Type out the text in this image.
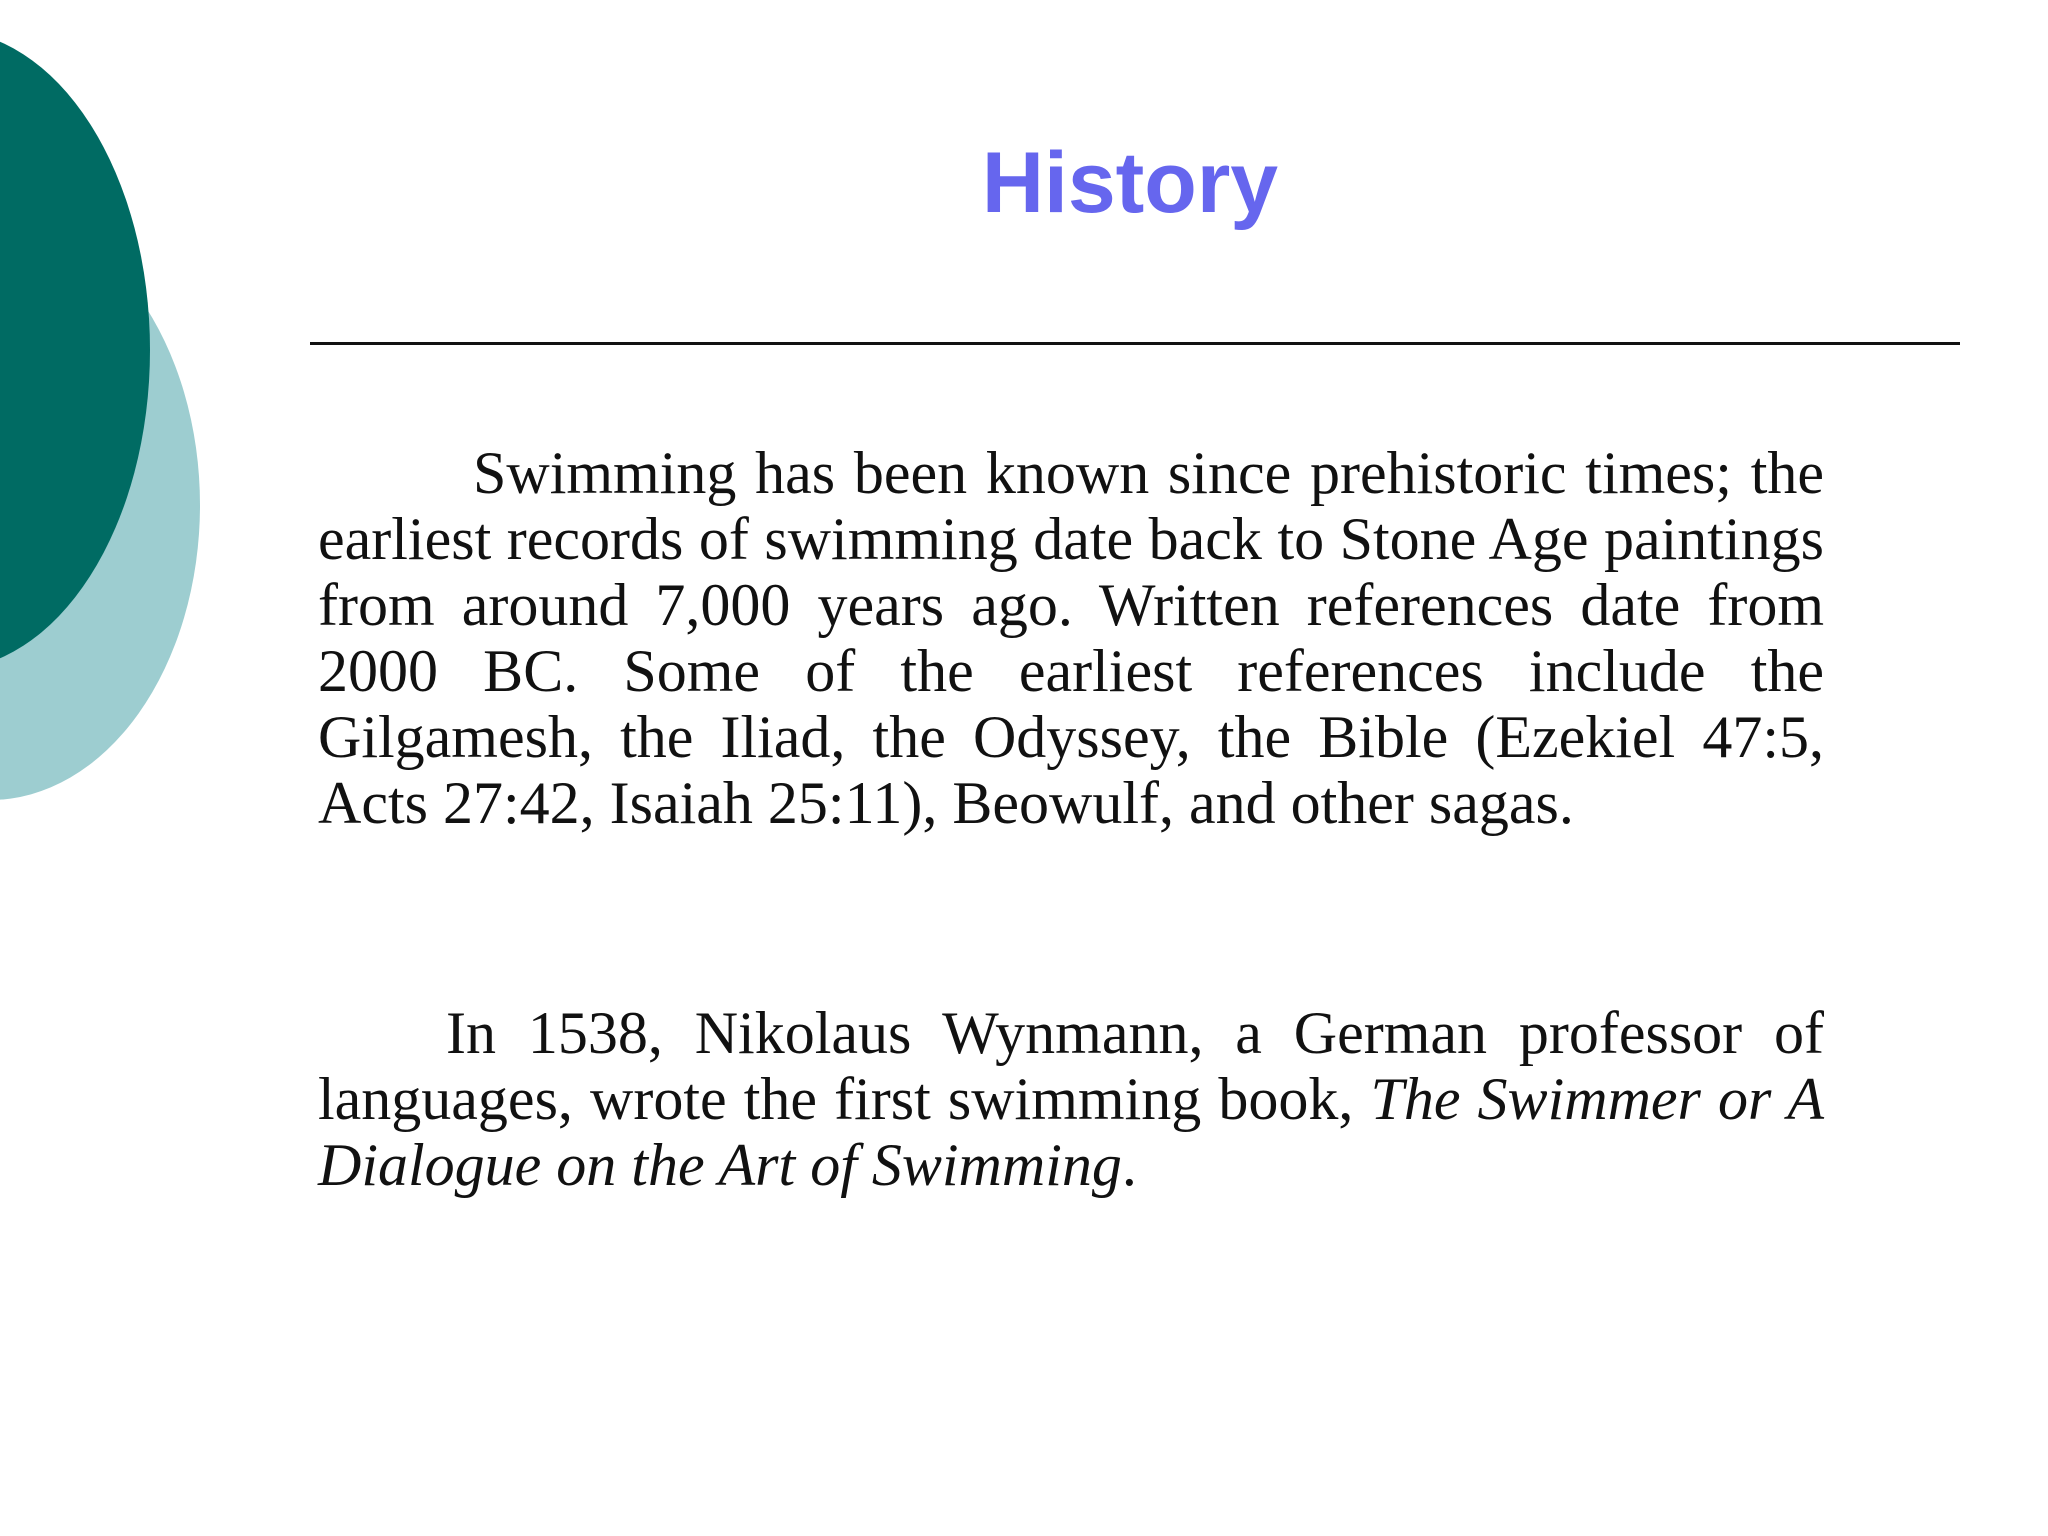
History

Swimming has been known since prehistoric times; the earliest records of swimming date back to Stone Age paintings from around 7,000 years ago. Written references date from 2000 BC. Some of the earliest references include the Gilgamesh, the Iliad, the Odyssey, the Bible (Ezekiel 47:5, Acts 27:42, Isaiah 25:11), Beowulf, and other sagas.

In 1538, Nikolaus Wynmann, a German professor of languages, wrote the first swimming book, The Swimmer or A Dialogue on the Art of Swimming.
